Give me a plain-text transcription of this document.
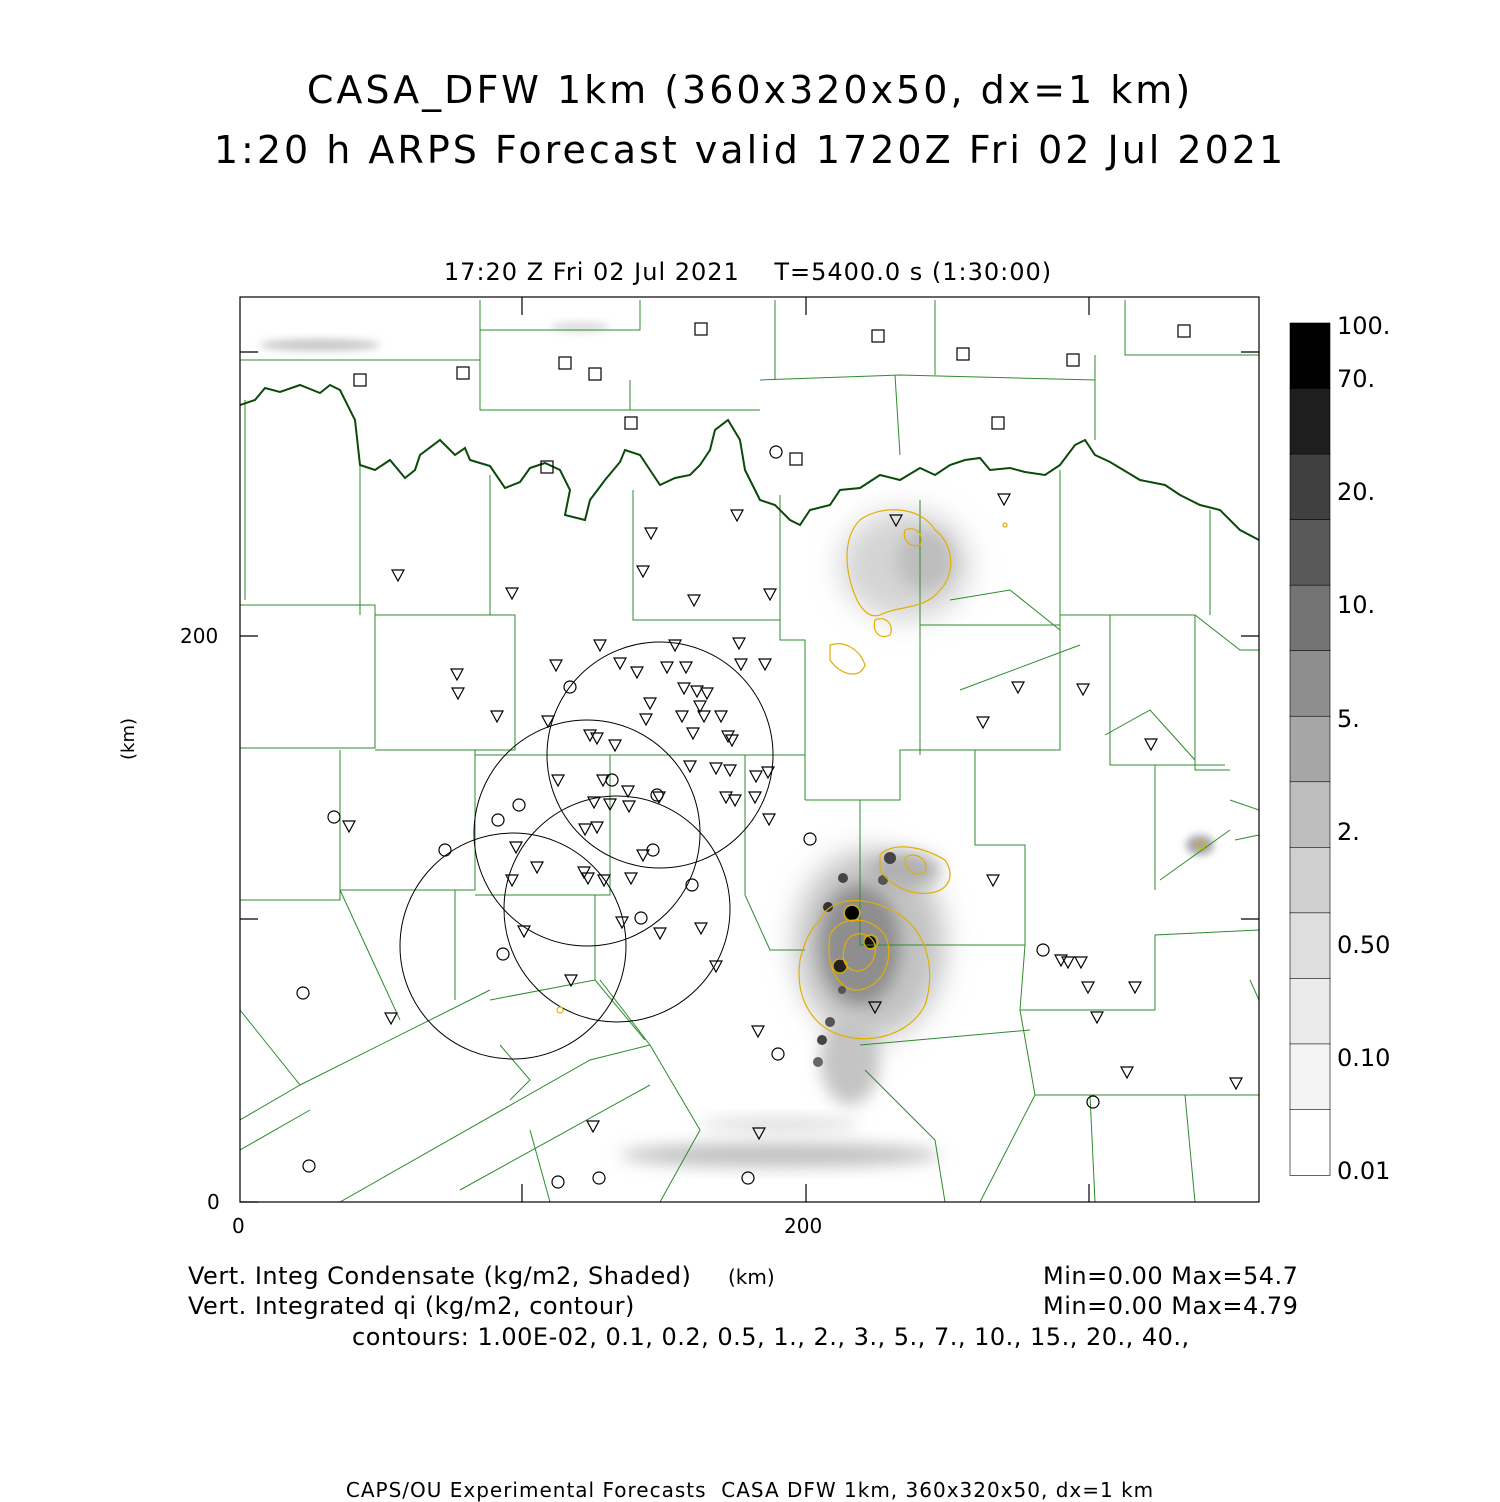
CASA_DFW 1km (360x320x50, dx=1 km)
1:20 h ARPS Forecast valid 1720Z Fri 02 Jul 2021
17:20 Z Fri 02 Jul 2021    T=5400.0 s (1:30:00)
(km)
200
0
0	200
(km)
100.
70.
20.
10.
5.
2.
0.50
0.10
0.01
Vert. Integ Condensate (kg/m2, Shaded)	Min=0.00 Max=54.7
Vert. Integrated qi (kg/m2, contour)	Min=0.00 Max=4.79
contours: 1.00E-02, 0.1, 0.2, 0.5, 1., 2., 3., 5., 7., 10., 15., 20., 40.,
CAPS/OU Experimental Forecasts  CASA DFW 1km, 360x320x50, dx=1 km
